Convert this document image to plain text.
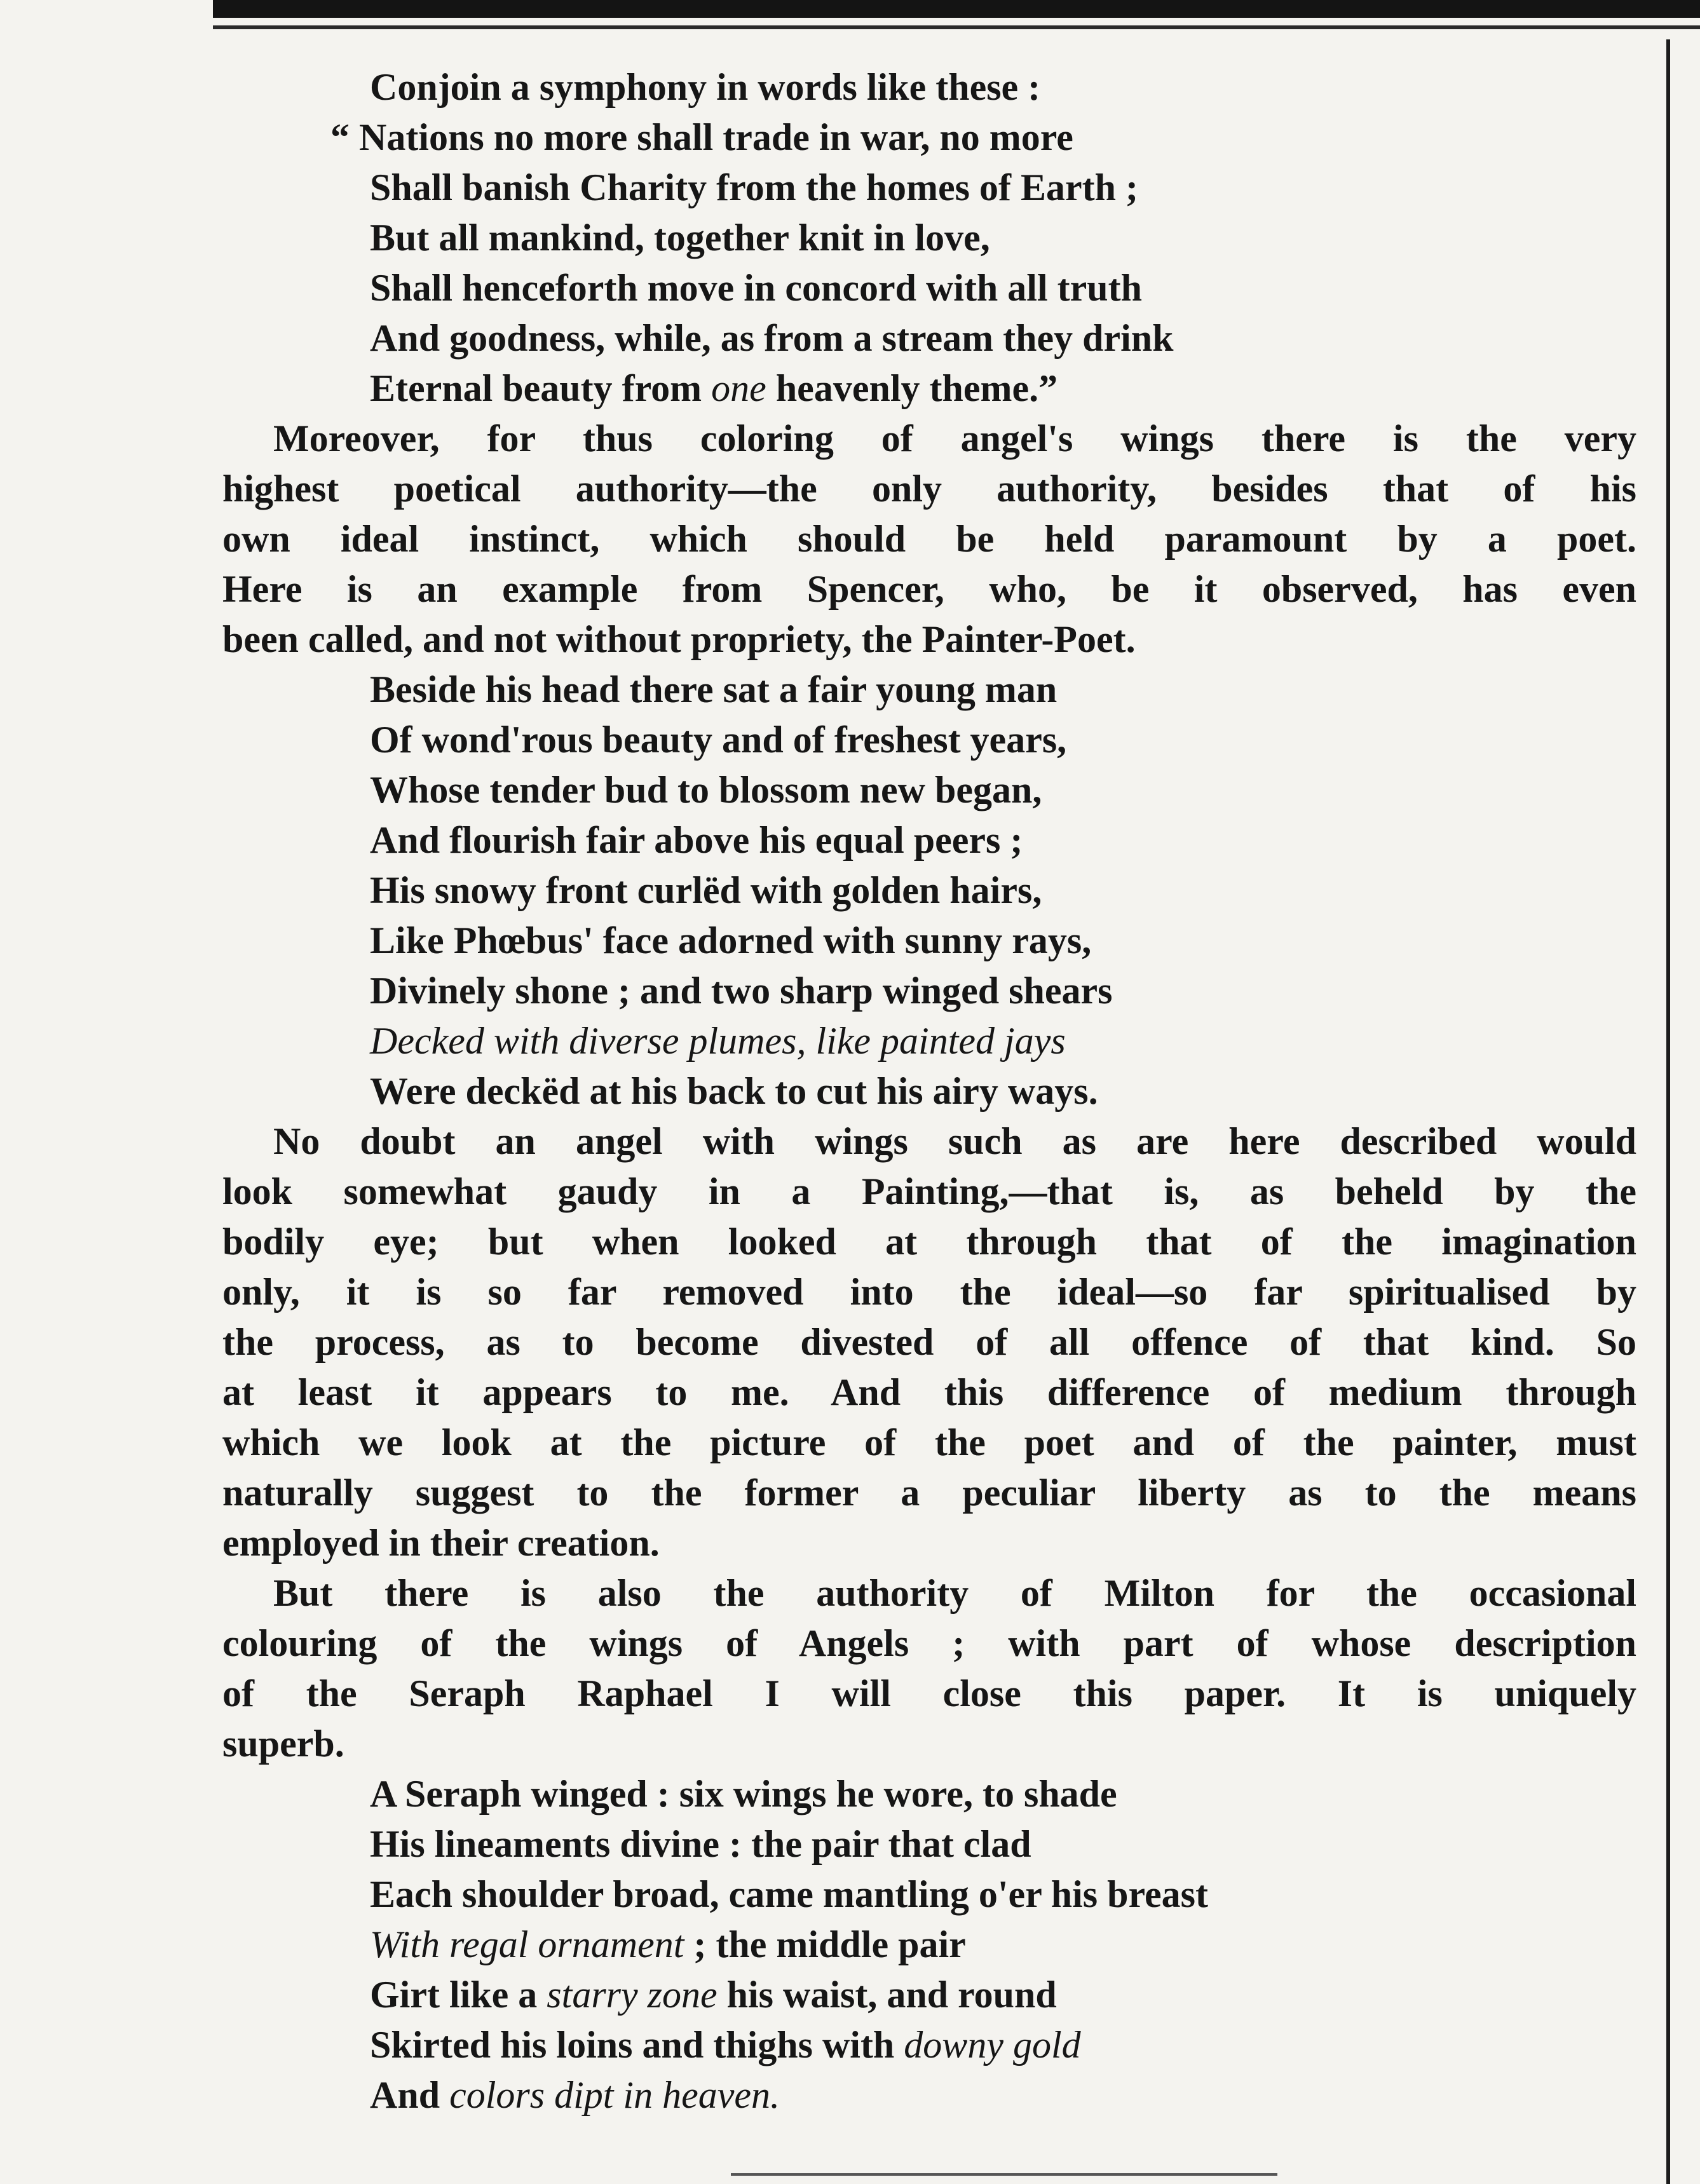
Conjoin a symphony in words like these :
“ Nations no more shall trade in war, no more
Shall banish Charity from the homes of Earth ;
But all mankind, together knit in love,
Shall henceforth move in concord with all truth
And goodness, while, as from a stream they drink
Eternal beauty from one heavenly theme.”
Moreover, for thus coloring of angel's wings there is the very
highest poetical authority—the only authority, besides that of his
own ideal instinct, which should be held paramount by a poet.
Here is an example from Spencer, who, be it observed, has even
been called, and not without propriety, the Painter-Poet.
Beside his head there sat a fair young man
Of wond'rous beauty and of freshest years,
Whose tender bud to blossom new began,
And flourish fair above his equal peers ;
His snowy front curlëd with golden hairs,
Like Phœbus' face adorned with sunny rays,
Divinely shone ; and two sharp winged shears
Decked with diverse plumes, like painted jays
Were deckëd at his back to cut his airy ways.
No doubt an angel with wings such as are here described would
look somewhat gaudy in a Painting,—that is, as beheld by the
bodily eye; but when looked at through that of the imagination
only, it is so far removed into the ideal—so far spiritualised by
the process, as to become divested of all offence of that kind. So
at least it appears to me. And this difference of medium through
which we look at the picture of the poet and of the painter, must
naturally suggest to the former a peculiar liberty as to the means
employed in their creation.
But there is also the authority of Milton for the occasional
colouring of the wings of Angels ; with part of whose description
of the Seraph Raphael I will close this paper. It is uniquely
superb.
A Seraph winged : six wings he wore, to shade
His lineaments divine : the pair that clad
Each shoulder broad, came mantling o'er his breast
With regal ornament ; the middle pair
Girt like a starry zone his waist, and round
Skirted his loins and thighs with downy gold
And colors dipt in heaven.
